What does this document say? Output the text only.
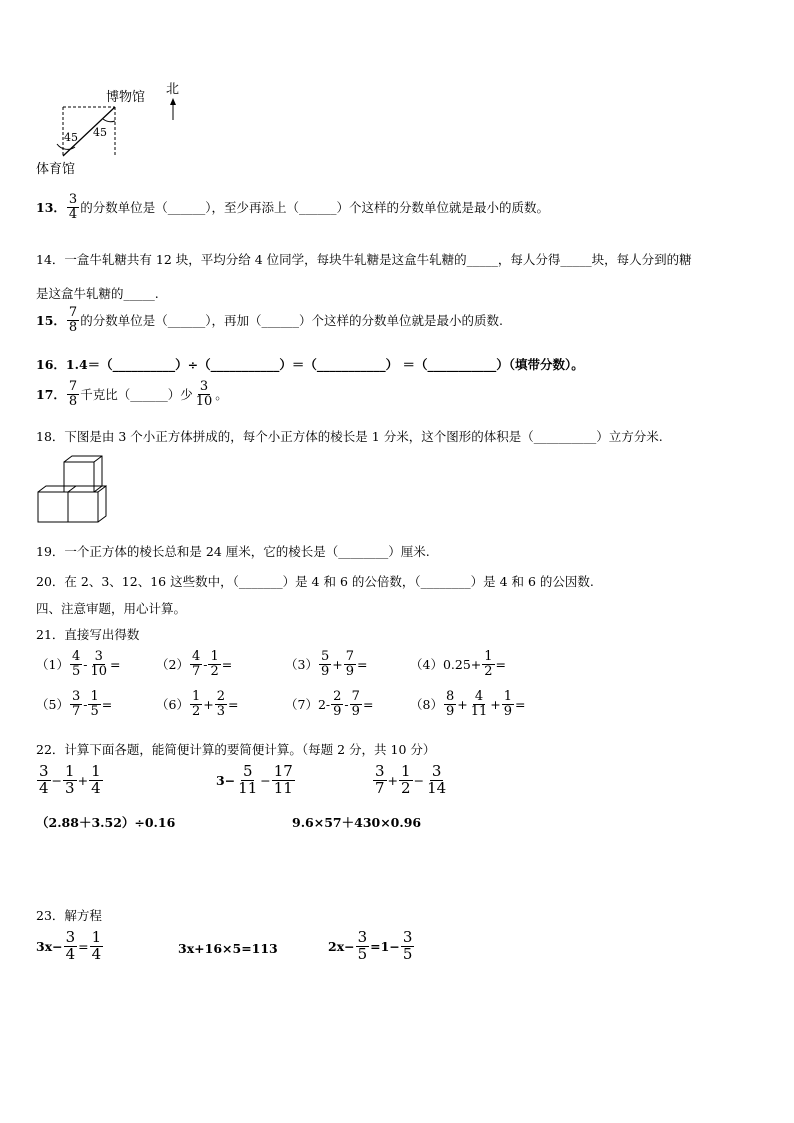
博物馆
体育馆
45 45
北
13． $\frac{3}{4}$ 的分数单位是（______），至少再添上（______）个这样的分数单位就是最小的质数。
14．一盒牛轧糖共有 12 块，平均分给 4 位同学，每块牛轧糖是这盒牛轧糖的_____，每人分得_____块，每人分到的糖
是这盒牛轧糖的_____.
15． $\frac{7}{8}$ 的分数单位是（______），再加（______）个这样的分数单位就是最小的质数.
16．1.4＝（__________）÷（___________）＝（___________） ＝（___________）（填带分数）。
17． $\frac{7}{8}$ 千克比（______）少 $\frac{3}{10}$ 。
18．下图是由 3 个小正方体拼成的，每个小正方体的棱长是 1 分米，这个图形的体积是（__________）立方分米.
19．一个正方体的棱长总和是 24 厘米，它的棱长是（________）厘米.
20．在 2、3、12、16 这些数中，（_______）是 4 和 6 的公倍数，（________）是 4 和 6 的公因数.
四、注意审题，用心计算。
21．直接写出得数
$(1) \frac{4}{5} - \frac{3}{10}$ =	$(2) \frac{4}{7} - \frac{1}{2}$ =	$(3) \frac{5}{9} + \frac{7}{9}$ =	$(4)0.25+ \frac{1}{2}$ =
$(5) \frac{3}{7} - \frac{1}{5}$ =	$(6) \frac{1}{2} + \frac{2}{3}$ =	$(7)2- \frac{2}{9} - \frac{7}{9}$ =	$(8) \frac{8}{9} + \frac{4}{11} + \frac{1}{9}$ =
22．计算下面各题，能简便计算的要简便计算。（每题 2 分，共 10 分）
$\frac{3}{4} - \frac{1}{3} + \frac{1}{4}$	$3- \frac{5}{11} - \frac{17}{11}$	$\frac{3}{7} + \frac{1}{2} - \frac{3}{14}$
（2.88＋3.52）÷0.16	9.6×57＋430×0.96
23．解方程
$3x- \frac{3}{4} = \frac{1}{4}$	3x+16×5=113	$2x- \frac{3}{5} =1- \frac{3}{5}$
